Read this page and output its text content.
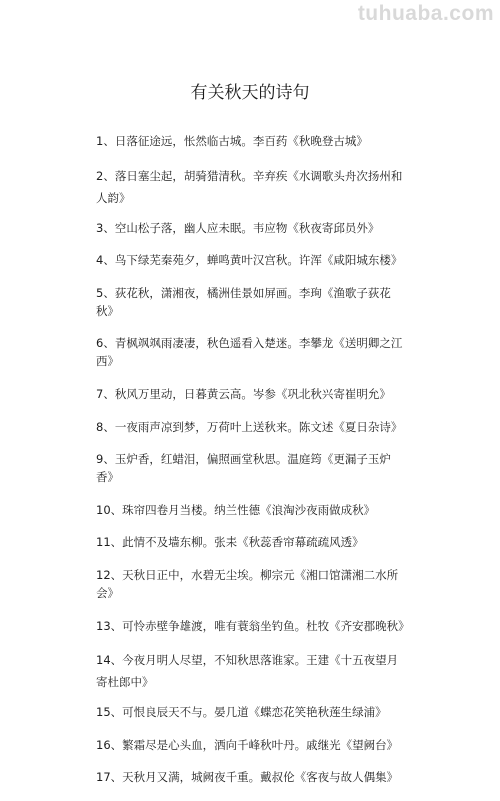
tuhuaba.com
有关秋天的诗句
1、日落征途远，怅然临古城。李百药《秋晚登古城》
2、落日塞尘起，胡骑猎清秋。辛弃疾《水调歌头舟次扬州和人韵》
3、空山松子落，幽人应未眠。韦应物《秋夜寄邱员外》
4、鸟下绿芜秦苑夕，蝉鸣黄叶汉宫秋。许浑《咸阳城东楼》
5、荻花秋，潇湘夜，橘洲佳景如屏画。李珣《渔歌子荻花秋》
6、青枫飒飒雨凄凄，秋色遥看入楚迷。李攀龙《送明卿之江西》
7、秋风万里动，日暮黄云高。岑参《巩北秋兴寄崔明允》
8、一夜雨声凉到梦，万荷叶上送秋来。陈文述《夏日杂诗》
9、玉炉香，红蜡泪，偏照画堂秋思。温庭筠《更漏子玉炉香》
10、珠帘四卷月当楼。纳兰性德《浪淘沙夜雨做成秋》
11、此情不及墙东柳。张耒《秋蕊香帘幕疏疏风透》
12、天秋日正中，水碧无尘埃。柳宗元《湘口馆潇湘二水所会》
13、可怜赤壁争雄渡，唯有蓑翁坐钓鱼。杜牧《齐安郡晚秋》
14、今夜月明人尽望，不知秋思落谁家。王建《十五夜望月寄杜郎中》
15、可恨良辰天不与。晏几道《蝶恋花笑艳秋莲生绿浦》
16、繁霜尽是心头血，洒向千峰秋叶丹。戚继光《望阙台》
17、天秋月又满，城阙夜千重。戴叔伦《客夜与故人偶集》
